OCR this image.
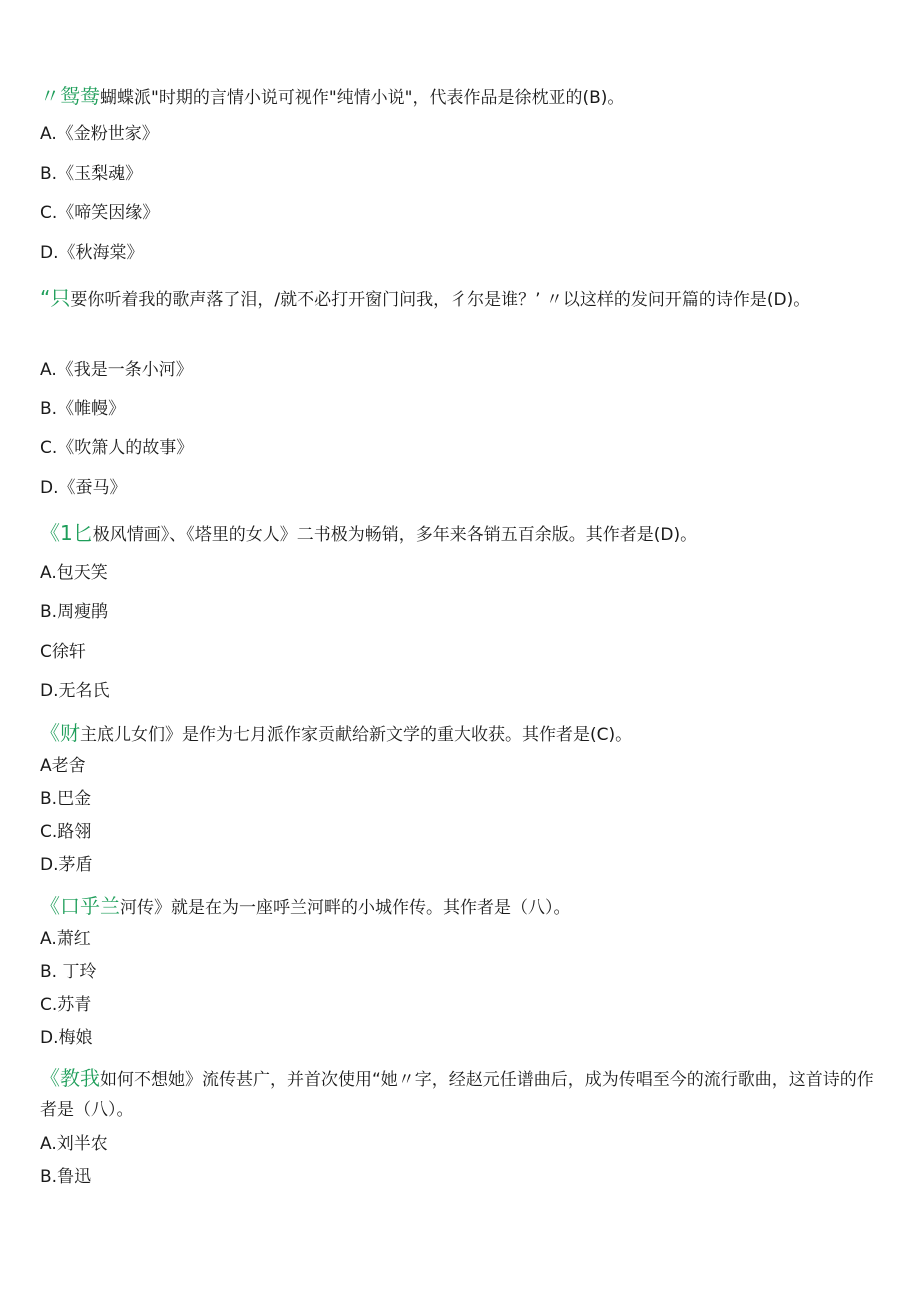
〃鸳鸯蝴蝶派"时期的言情小说可视作"纯情小说"，代表作品是徐枕亚的(B)。
A.《金粉世家》
B.《玉梨魂》
C.《啼笑因缘》
D.《秋海棠》
“只要你听着我的歌声落了泪，/就不必打开窗门问我，彳尔是谁？’ 〃以这样的发问开篇的诗作是(D)。
A.《我是一条小河》
B.《帷幔》
C.《吹箫人的故事》
D.《蚕马》
《1匕极风情画》、《塔里的女人》二书极为畅销，多年来各销五百余版。其作者是(D)。
A.包天笑
B.周瘦鹃
C徐轩
D.无名氏
《财主底儿女们》是作为七月派作家贡献给新文学的重大收获。其作者是(C)。
A老舍
B.巴金
C.路翎
D.茅盾
《口乎兰河传》就是在为一座呼兰河畔的小城作传。其作者是（八）。
A.萧红
B. 丁玲
C.苏青
D.梅娘
《教我如何不想她》流传甚广，并首次使用“她〃字，经赵元任谱曲后，成为传唱至今的流行歌曲，这首诗的作者是（八）。
A.刘半农
B.鲁迅
